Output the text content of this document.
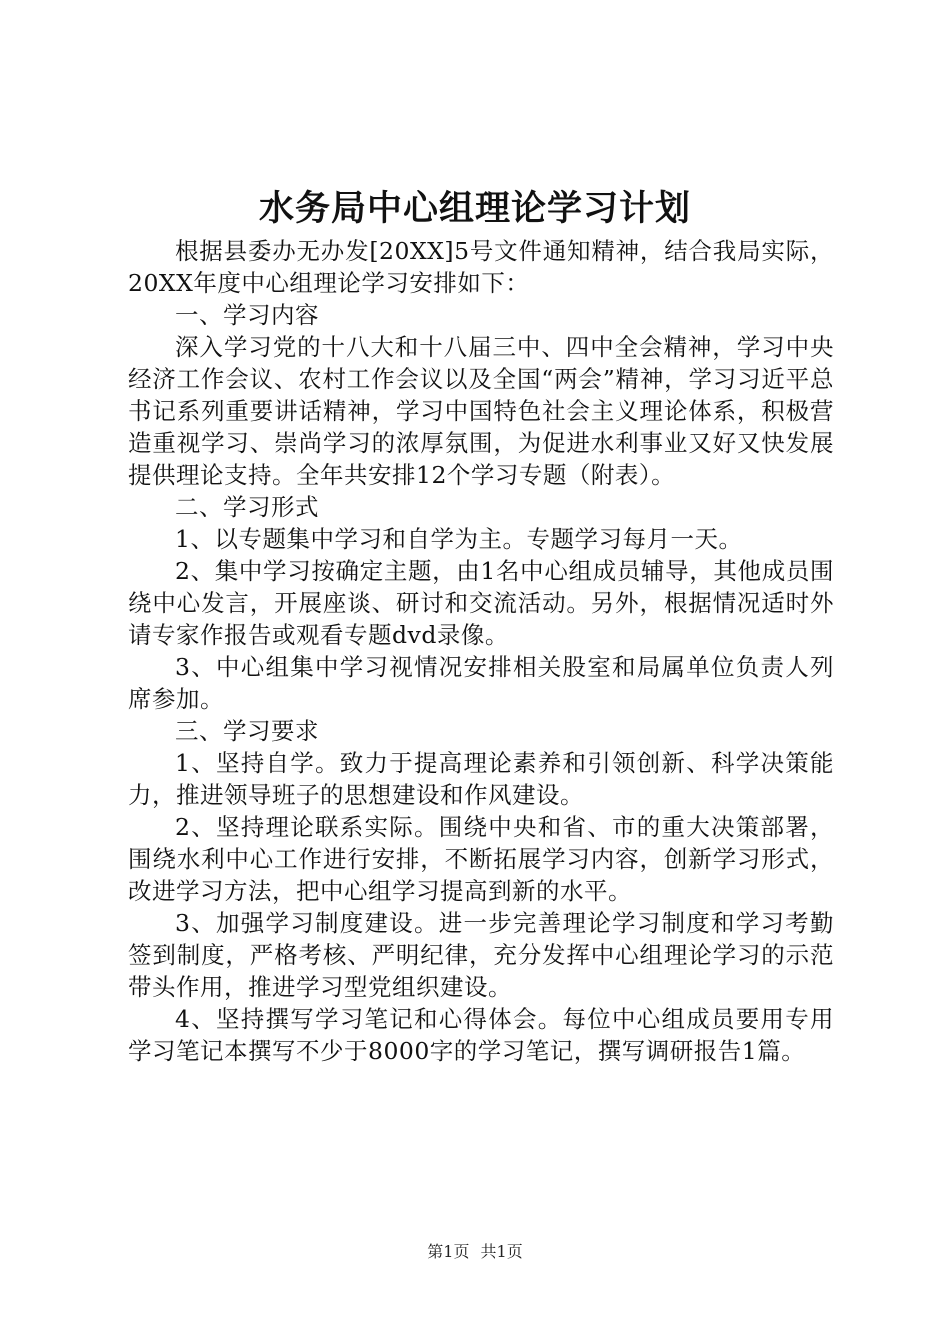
水务局中心组理论学习计划

根据县委办无办发[20XX]5号文件通知精神，结合我局实际，20XX年度中心组理论学习安排如下：

一、学习内容

深入学习党的十八大和十八届三中、四中全会精神，学习中央经济工作会议、农村工作会议以及全国“两会”精神，学习习近平总书记系列重要讲话精神，学习中国特色社会主义理论体系，积极营造重视学习、崇尚学习的浓厚氛围，为促进水利事业又好又快发展提供理论支持。全年共安排12个学习专题（附表）。

二、学习形式

1、以专题集中学习和自学为主。专题学习每月一天。

2、集中学习按确定主题，由1名中心组成员辅导，其他成员围绕中心发言，开展座谈、研讨和交流活动。另外，根据情况适时外请专家作报告或观看专题dvd录像。

3、中心组集中学习视情况安排相关股室和局属单位负责人列席参加。

三、学习要求

1、坚持自学。致力于提高理论素养和引领创新、科学决策能力，推进领导班子的思想建设和作风建设。

2、坚持理论联系实际。围绕中央和省、市的重大决策部署，围绕水利中心工作进行安排，不断拓展学习内容，创新学习形式，改进学习方法，把中心组学习提高到新的水平。

3、加强学习制度建设。进一步完善理论学习制度和学习考勤签到制度，严格考核、严明纪律，充分发挥中心组理论学习的示范带头作用，推进学习型党组织建设。

4、坚持撰写学习笔记和心得体会。每位中心组成员要用专用学习笔记本撰写不少于8000字的学习笔记，撰写调研报告1篇。

第1页 共1页
